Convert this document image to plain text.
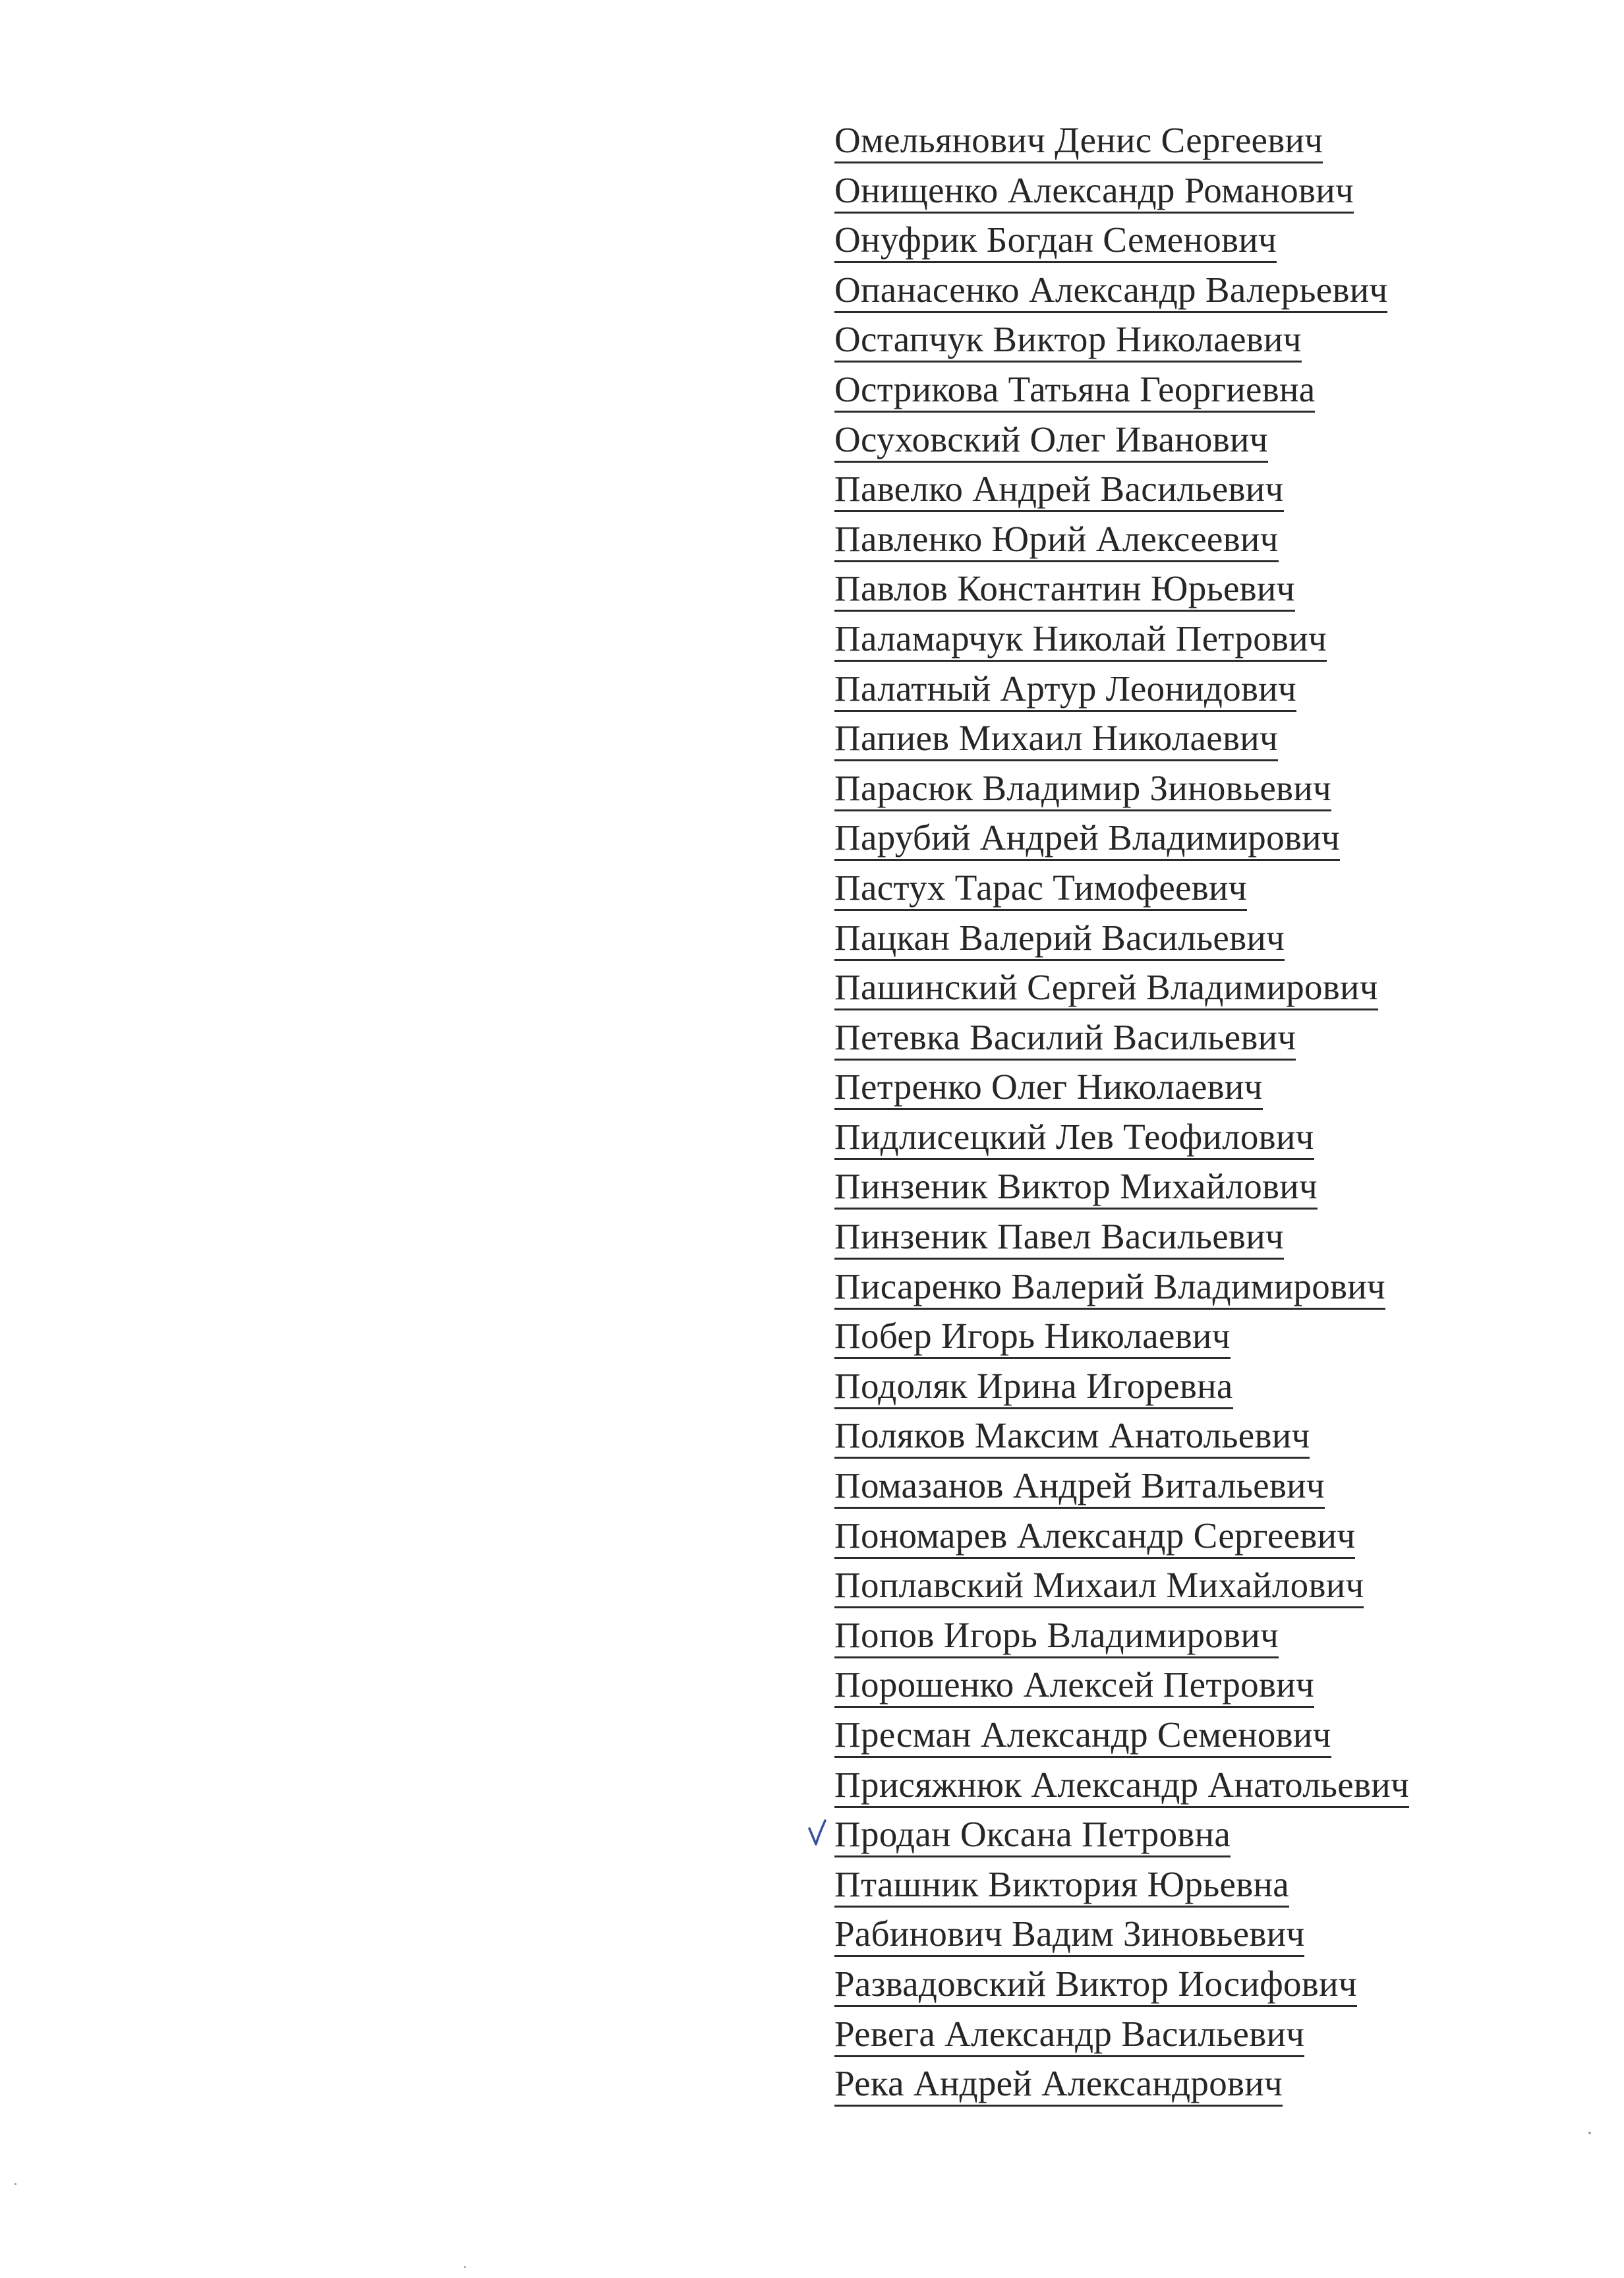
Омельянович Денис Сергеевич
Онищенко Александр Романович
Онуфрик Богдан Семенович
Опанасенко Александр Валерьевич
Остапчук Виктор Николаевич
Острикова Татьяна Георгиевна
Осуховский Олег Иванович
Павелко Андрей Васильевич
Павленко Юрий Алексеевич
Павлов Константин Юрьевич
Паламарчук Николай Петрович
Палатный Артур Леонидович
Папиев Михаил Николаевич
Парасюк Владимир Зиновьевич
Парубий Андрей Владимирович
Пастух Тарас Тимофеевич
Пацкан Валерий Васильевич
Пашинский Сергей Владимирович
Петевка Василий Васильевич
Петренко Олег Николаевич
Пидлисецкий Лев Теофилович
Пинзеник Виктор Михайлович
Пинзеник Павел Васильевич
Писаренко Валерий Владимирович
Побер Игорь Николаевич
Подоляк Ирина Игоревна
Поляков Максим Анатольевич
Помазанов Андрей Витальевич
Пономарев Александр Сергеевич
Поплавский Михаил Михайлович
Попов Игорь Владимирович
Порошенко Алексей Петрович
Пресман Александр Семенович
Присяжнюк Александр Анатольевич
Продан Оксана Петровна
Пташник Виктория Юрьевна
Рабинович Вадим Зиновьевич
Развадовский Виктор Иосифович
Ревега Александр Васильевич
Река Андрей Александрович
